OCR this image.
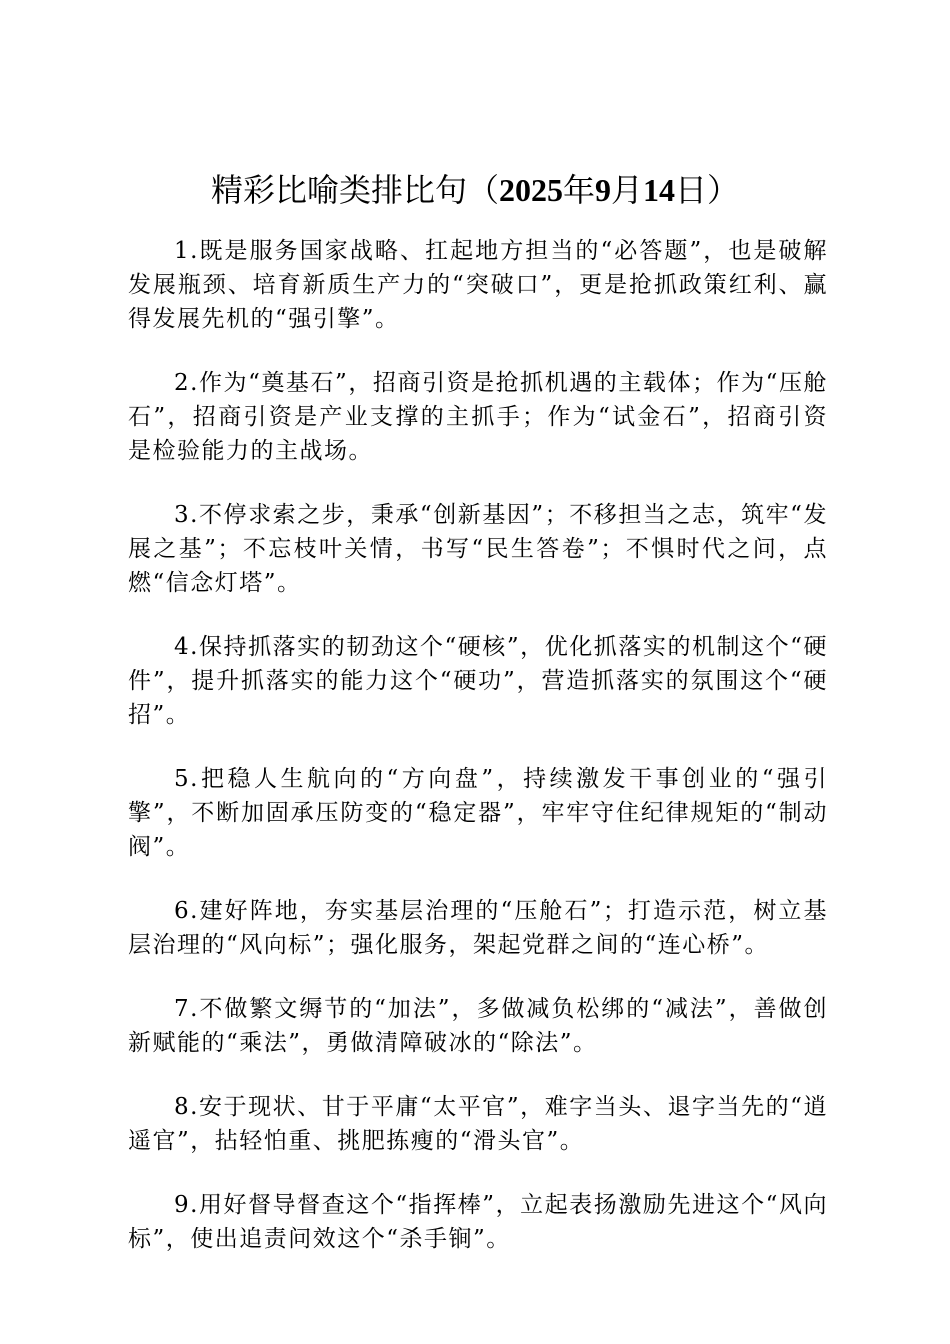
精彩比喻类排比句（2025年9月14日）

1.既是服务国家战略、扛起地方担当的“必答题”，也是破解发展瓶颈、培育新质生产力的“突破口”，更是抢抓政策红利、赢得发展先机的“强引擎”。

2.作为“奠基石”，招商引资是抢抓机遇的主载体；作为“压舱石”，招商引资是产业支撑的主抓手；作为“试金石”，招商引资是检验能力的主战场。

3.不停求索之步，秉承“创新基因”；不移担当之志，筑牢“发展之基”；不忘枝叶关情，书写“民生答卷”；不惧时代之问，点燃“信念灯塔”。

4.保持抓落实的韧劲这个“硬核”，优化抓落实的机制这个“硬件”，提升抓落实的能力这个“硬功”，营造抓落实的氛围这个“硬招”。

5.把稳人生航向的“方向盘”，持续激发干事创业的“强引擎”，不断加固承压防变的“稳定器”，牢牢守住纪律规矩的“制动阀”。

6.建好阵地，夯实基层治理的“压舱石”；打造示范，树立基层治理的“风向标”；强化服务，架起党群之间的“连心桥”。

7.不做繁文缛节的“加法”，多做减负松绑的“减法”，善做创新赋能的“乘法”，勇做清障破冰的“除法”。

8.安于现状、甘于平庸“太平官”，难字当头、退字当先的“逍遥官”，拈轻怕重、挑肥拣瘦的“滑头官”。

9.用好督导督查这个“指挥棒”，立起表扬激励先进这个“风向标”，使出追责问效这个“杀手锏”。
